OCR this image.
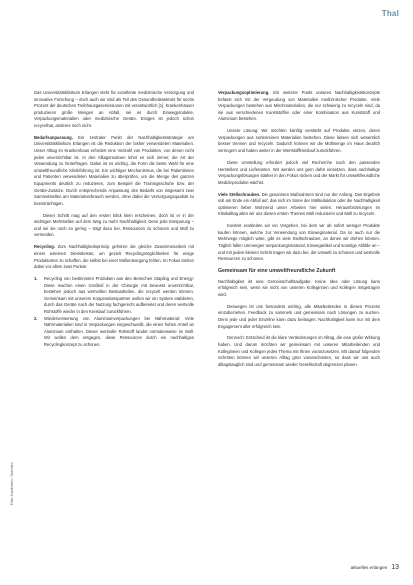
Thal

Das Universitätsklinikum Erlangen steht für exzellente medizinische Versorgung und innovative Forschung – doch auch wir sind als Teil des Gesundheitssektors für sechs Prozent der deutschen Treibhausgasemissionen mit verantwortlich [1]. Krankenhäuser produzieren große Mengen an Abfall, sei es durch Einwegprodukte, Verpackungsmaterialien oder medizinische Geräte. Einiges ist jedoch schon recycelbar, anderes noch nicht.

Bedarfsanpassung. Ein zentraler Punkt der Nachhaltigkeitsstrategie am Universitätsklinikum Erlangen ist die Reduktion der bisher verwendeten Materialien. Unser Alltag im Krankenhaus erfordert eine Vielzahl von Produkten, von denen nicht jedes unverzichtbar ist. In den Alltagsroutinen lohnt es sich immer, die Art der Verwendung zu hinterfragen. Dabei ist es wichtig, die Form die beste Wahl für eine umweltfreundliche Klinikführung ist. Ein wichtiger Mechanismus, die bei Patientinnen und Patienten verwendeten Materialien zu überprüfen, um die Menge des ganzen Equipments deutlich zu reduzieren, zum Beispiel die Trainingsschuhe bzw. der Geräte-Zusätze. Durch entsprechende Anpassung des Bedarfs von insgesamt zwei Sammelstellen am Materialverbrauch werden, ohne dabei die Versorgungsqualität zu beeinträchtigen.

Dieser Schritt mag auf den ersten Blick klein erscheinen, doch ist er in der wichtigen Mehrstellen auf dem Weg zu mehr Nachhaltigkeit. Denn jede Einsparung – und sei sie noch so gering – trägt dazu bei, Ressourcen zu schonen und Müll zu vermeiden.

Recycling. Zum Nachhaltigkeitsprinzip gehören die gleiche Zusammenarbeit mit einem externen Dienstleister, um gezielt Recyclingmöglichkeiten für einige Produktarten zu schaffen, die selbst bei einer Müllentsorgung fehlen. Im Fokus stehen dabei vor allem zwei Punkte:

1.	Recycling von bestimmten Produkten aus den Bereichen Stapling und Energy: Diese machen einen Großteil in der Chirurgie mit bewusst unverzichtbar, bestehen jedoch aus wertvollen Bestandteilen, die recycelt werden können. Gemeinsam mit unserem Kooperationspartner wollen wir ein System etablieren, durch das Geräte nach der Nutzung fachgerecht aufbereitet und deren wertvolle Rohstoffe wieder in den Kreislauf zurückführen.
2.	Wiederverwertung von Aluminiumverpackungen bei Nährmaterial: Viele Nährmaterialien sind in Verpackungen eingeschweißt, die einen hohen Anteil an Aluminium enthalten. Dieser wertvolle Rohstoff landet normalerweise im Müll. Wir wollen dem entgegen, diese Ressourcen durch ein nachhaltiges Recyclingkonzept zu schonen.

Verpackungsoptimierung. Ein weiterer Punkt unseres Nachhaltigkeitskonzepts befasst sich mit der Vergeudung von Materialien medizinischer Produkte. Viele Verpackungen bestehen aus Mischmaterialien, die nur schwierig zu recyceln sind, da sie aus verschiedenen Kunststoffen oder einer Kombination aus Kunststoff und Aluminium bestehen.

Unsere Lösung: Wir möchten künftig verstärkt auf Produkte setzen, deren Verpackungen aus sortenreinen Materialien bestehen. Diese lassen sich wesentlich besser trennen und recyceln. Dadurch können wir die Müllmenge im Haus deutlich verringern und haben weiter in der Wertstoffkreislauf zurückführen.

Diese Umstellung erfordert jedoch viel Recherche nach den passenden Herstellern und Lieferanten. Wir werden uns gern dafür einsetzen, dass nachhaltige Verpackungslösungen stärker in den Fokus rücken und der Markt für umweltfreundliche Medizinprodukte wächst.

Viele Stellschrauben. Die genannten Maßnahmen sind nur der Anfang. Das Ergebnis soll am Ende ein Abfall auf, das sich im Sinne der Müllreduktion oder die Nachhaltigkeit optimieren lieber Wohnend unser Arbeiten hier vielen. Herausforderungen im Klinikalltag allen wir uns diesen ersten Themen Müll reduzieren und Müll zu recyceln.

Konkret erarbeiten wir ein Vorgehen, bei dem wir ab sofort weniger Produkte kaufen können, welche zur Verwendung von Einwegmaterial. Da so auch nur die Mehrwege möglich wäre, gibt es viele Stellschrauben, an denen wir drehen können. Täglich fallen Unmengen Verpackungsmaterial, Einwegartikel und sonstige Abfälle an – und mit jedem kleinen Schritt tragen wir dazu bei, die Umwelt zu schonen und wertvolle Ressourcen zu schonen.

Gemeinsam für eine umweltfreundliche Zukunft

Nachhaltigkeit ist eine Gemeinschaftsaufgabe. Keine Idee oder Lösung kann erfolgreich sein, wenn sie nicht von unseren Kolleginnen und Kollegen mitgetragen wird.

Deswegen ist uns besonders wichtig, alle Mitarbeitenden in diesen Prozess einzubeziehen. Feedback zu sammeln und gemeinsam nach Lösungen zu suchen. Denn jede und jeder Einzelne kann dazu beitragen: Nachhaltigkeit kann nur mit dem Engagement aller erfolgreich sein.

Dennoch: Entscheid ist die klare Veränderungen im Alltag, die eine große Wirkung haben. Und darum möchten wir gemeinsam mit unseren Mitarbeitenden und Kolleginnen und Kollegen jedes Thema mit Ihnen voranzusetzen. Mit darauf folgenden Schritten können wir unseren Alltag grün voranschreiten, so dass wir uns auch alltagstauglich sind und gemeinsam wieder Gesellschaft abgrenzen planen.

Foto: Kaufmann / Skenderi
aktuelles erlangen 13
